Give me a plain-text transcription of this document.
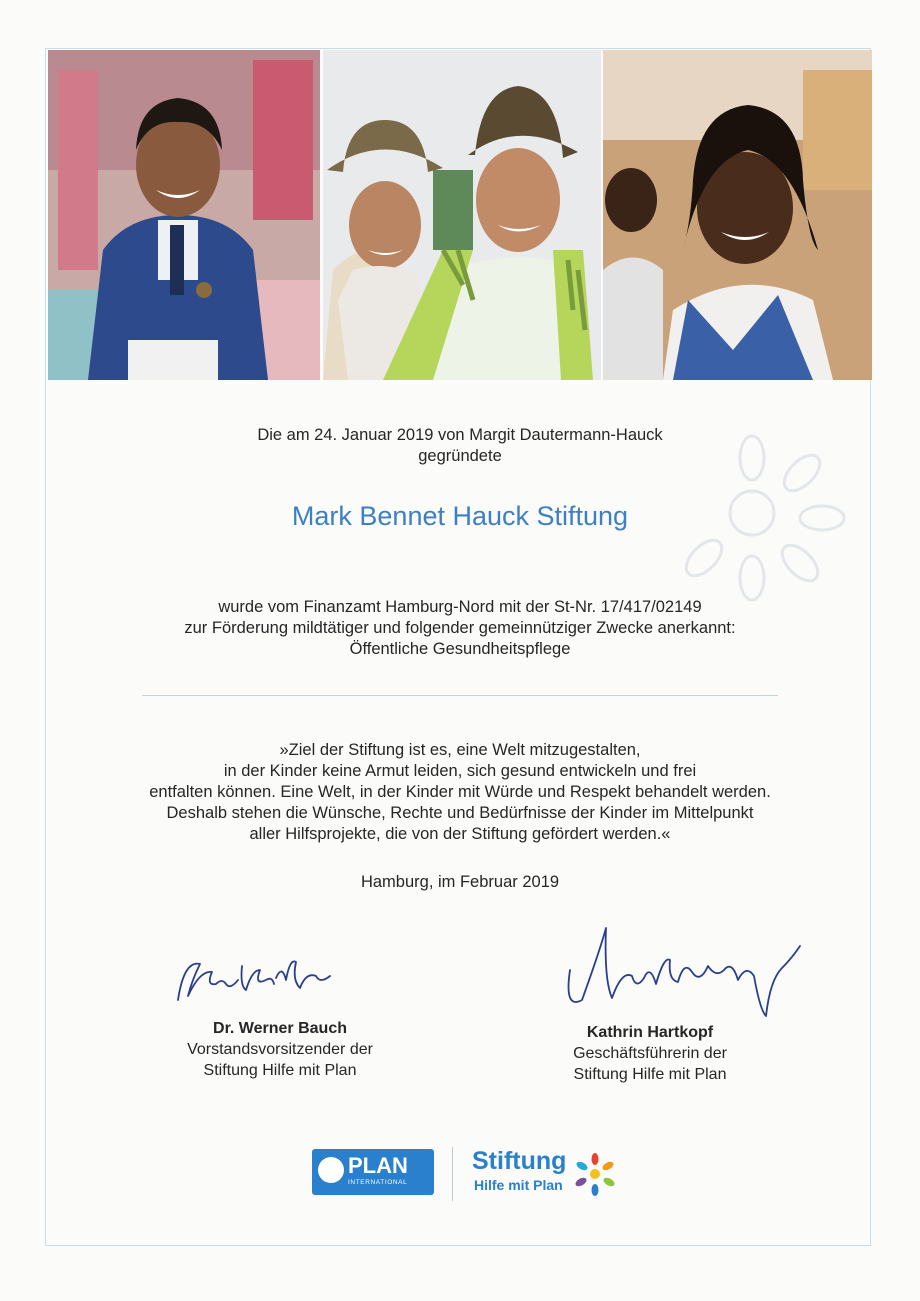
Die am 24. Januar 2019 von Margit Dautermann-Hauck
gegründete
Mark Bennet Hauck Stiftung
wurde vom Finanzamt Hamburg-Nord mit der St-Nr. 17/417/02149
zur Förderung mildtätiger und folgender gemeinnütziger Zwecke anerkannt:
Öffentliche Gesundheitspflege
»Ziel der Stiftung ist es, eine Welt mitzugestalten,
in der Kinder keine Armut leiden, sich gesund entwickeln und frei
entfalten können. Eine Welt, in der Kinder mit Würde und Respekt behandelt werden.
Deshalb stehen die Wünsche, Rechte und Bedürfnisse der Kinder im Mittelpunkt
aller Hilfsprojekte, die von der Stiftung gefördert werden.«
Hamburg, im Februar 2019
Dr. Werner Bauch
Vorstandsvorsitzender der
Stiftung Hilfe mit Plan
Kathrin Hartkopf
Geschäftsführerin der
Stiftung Hilfe mit Plan
PLAN
INTERNATIONAL
Stiftung
Hilfe mit Plan
